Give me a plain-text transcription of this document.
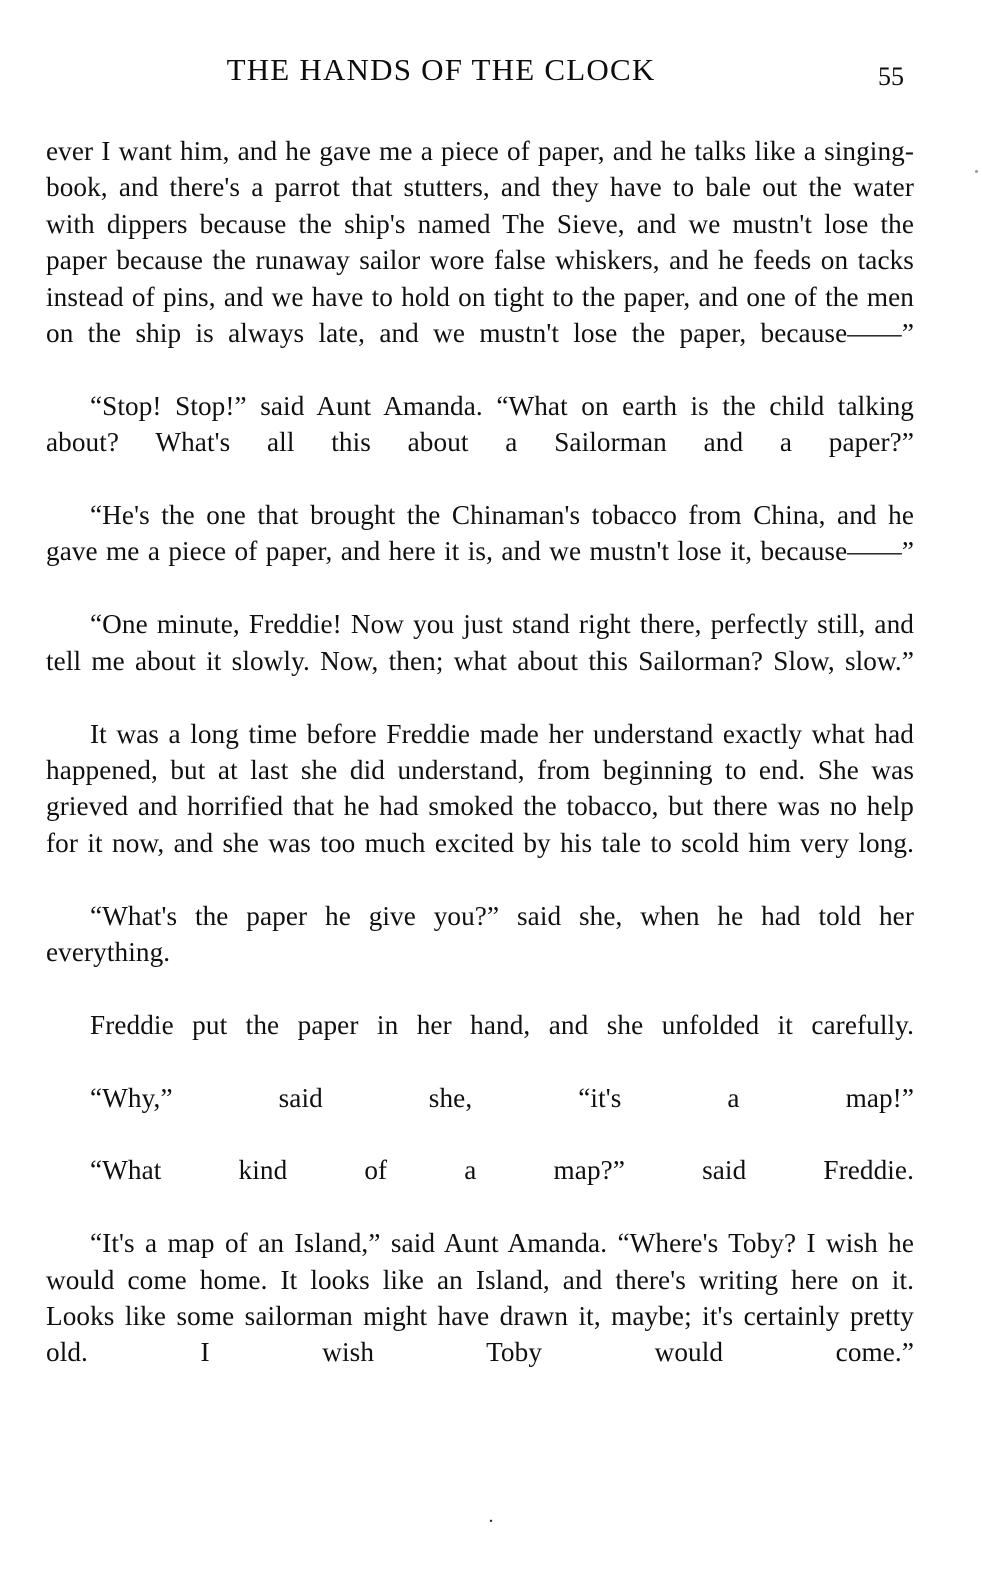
THE HANDS OF THE CLOCK	55

ever I want him, and he gave me a piece of paper, and he talks like a singing-book, and there's a parrot that stutters, and they have to bale out the water with dippers because the ship's named The Sieve, and we mustn't lose the paper because the runaway sailor wore false whiskers, and he feeds on tacks instead of pins, and we have to hold on tight to the paper, and one of the men on the ship is always late, and we mustn't lose the paper, because——”

“Stop! Stop!” said Aunt Amanda. “What on earth is the child talking about? What's all this about a Sailorman and a paper?”

“He's the one that brought the Chinaman's tobacco from China, and he gave me a piece of paper, and here it is, and we mustn't lose it, because——”

“One minute, Freddie! Now you just stand right there, perfectly still, and tell me about it slowly. Now, then; what about this Sailorman? Slow, slow.”

It was a long time before Freddie made her understand exactly what had happened, but at last she did understand, from beginning to end. She was grieved and horrified that he had smoked the tobacco, but there was no help for it now, and she was too much excited by his tale to scold him very long.

“What's the paper he give you?” said she, when he had told her everything.

Freddie put the paper in her hand, and she unfolded it carefully.

“Why,” said she, “it's a map!”

“What kind of a map?” said Freddie.

“It's a map of an Island,” said Aunt Amanda. “Where's Toby? I wish he would come home. It looks like an Island, and there's writing here on it. Looks like some sailorman might have drawn it, maybe; it's certainly pretty old. I wish Toby would come.”

.
